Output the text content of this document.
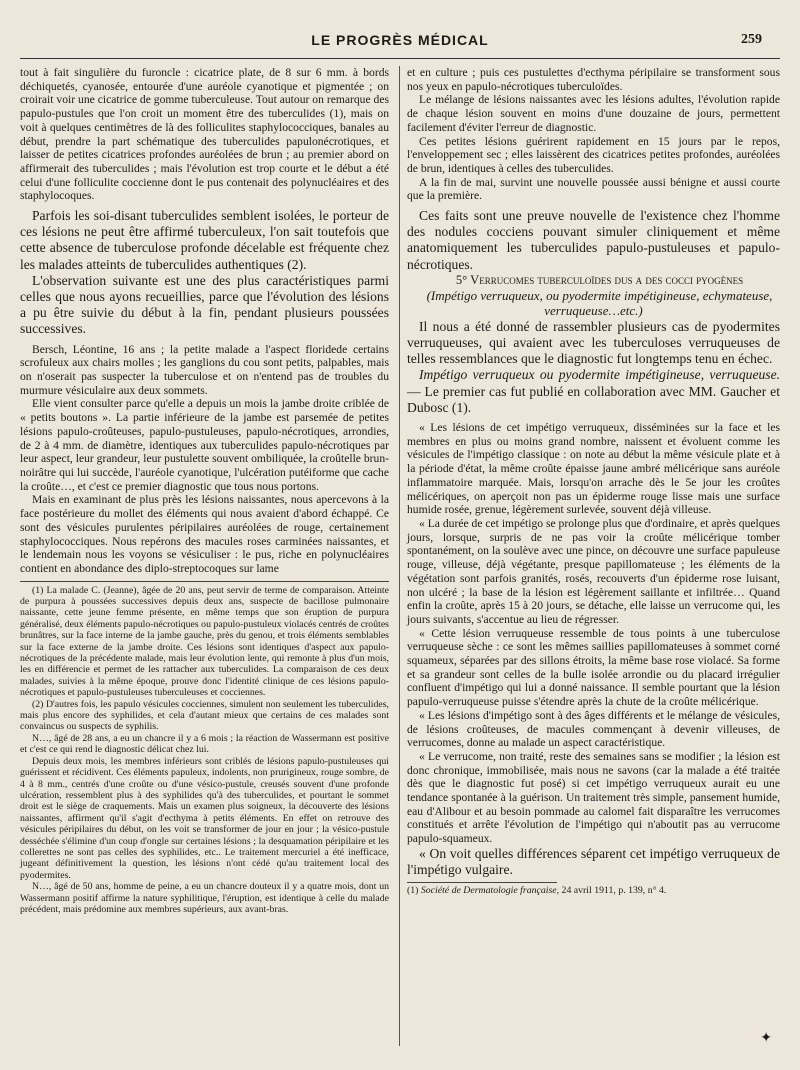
LE PROGRÈS MÉDICAL	259

tout à fait singulière du furoncle : cicatrice plate, de 8 sur 6 mm. à bords déchiquetés, cyanosée, entourée d'une auréole cyanotique et pigmentée ; on croirait voir une cicatrice de gomme tuberculeuse. Tout autour on remarque des papulo-pustules que l'on croit un moment être des tuberculides (1), mais on voit à quelques centimètres de là des folliculites staphylococciques, banales au début, prendre la part schématique des tuberculides papulonécrotiques, et laisser de petites cicatrices profondes auréolées de brun ; au premier abord on affirmerait des tuberculides ; mais l'évolution est trop courte et le début a été celui d'une folliculite coccienne dont le pus contenait des polynucléaires et des staphylocoques.

Parfois les soi-disant tuberculides semblent isolées, le porteur de ces lésions ne peut être affirmé tuberculeux, l'on sait toutefois que cette absence de tuberculose profonde décelable est fréquente chez les malades atteints de tuberculides authentiques (2).

L'observation suivante est une des plus caractéristiques parmi celles que nous ayons recueillies, parce que l'évolution des lésions a pu être suivie du début à la fin, pendant plusieurs poussées successives.

Bersch, Léontine, 16 ans ; la petite malade a l'aspect floridede certains scrofuleux aux chairs molles ; les ganglions du cou sont petits, palpables, mais on n'oserait pas suspecter la tuberculose et on n'entend pas de troubles du murmure vésiculaire aux deux sommets.

Elle vient consulter parce qu'elle a depuis un mois la jambe droite criblée de « petits boutons ». La partie inférieure de la jambe est parsemée de petites lésions papulo-croûteuses, papulo-pustuleuses, papulo-nécrotiques, arrondies, de 2 à 4 mm. de diamètre, identiques aux tuberculides papulo-nécrotiques par leur aspect, leur grandeur, leur pustulette souvent ombiliquée, la croûtelle brun-noirâtre qui lui succède, l'auréole cyanotique, l'ulcération putéiforme que cache la croûte…, et c'est ce premier diagnostic que tous nous portons.

Mais en examinant de plus près les lésions naissantes, nous apercevons à la face postérieure du mollet des éléments qui nous avaient d'abord échappé. Ce sont des vésicules purulentes péripilaires auréolées de rouge, certainement staphylococciques. Nous repérons des macules roses carminées naissantes, et le lendemain nous les voyons se vésiculiser : le pus, riche en polynucléaires contient en abondance des diplo-streptocoques sur lame

(1) La malade C. (Jeanne), âgée de 20 ans, peut servir de terme de comparaison. Atteinte de purpura à poussées successives depuis deux ans, suspecte de bacillose pulmonaire naissante, cette jeune femme présente, en même temps que son éruption de purpura généralisé, deux éléments papulo-nécrotiques ou papulo-pustuleux violacés centrés de croûtes brunâtres, sur la face interne de la jambe gauche, près du genou, et trois éléments semblables sur la face externe de la jambe droite. Ces lésions sont identiques d'aspect aux papulo-nécrotiques de la précédente malade, mais leur évolution lente, qui remonte à plus d'un mois, les en différencie et permet de les rattacher aux tuberculides. La comparaison de ces deux malades, suivies à la même époque, prouve donc l'identité clinique de ces lésions papulo-nécrotiques et papulo-pustuleuses tuberculeuses et cocciennes.

(2) D'autres fois, les papulo vésicules cocciennes, simulent non seulement les tuberculides, mais plus encore des syphilides, et cela d'autant mieux que certains de ces malades sont convaincus ou suspects de syphilis.

N…, âgé de 28 ans, a eu un chancre il y a 6 mois ; la réaction de Wassermann est positive et c'est ce qui rend le diagnostic délicat chez lui.

Depuis deux mois, les membres inférieurs sont criblés de lésions papulo-pustuleuses qui guérissent et récidivent. Ces éléments papuleux, indolents, non prurigineux, rouge sombre, de 4 à 8 mm., centrés d'une croûte ou d'une vésico-pustule, creusés souvent d'une profonde ulcération, ressemblent plus à des syphilides qu'à des tuberculides, et pourtant le sommet droit est le siège de craquements. Mais un examen plus soigneux, la découverte des lésions naissantes, affirment qu'il s'agit d'ecthyma à petits éléments. En effet on retrouve des vésicules péripilaires du début, on les voit se transformer de jour en jour ; la vésico-pustule desséchée s'élimine d'un coup d'ongle sur certaines lésions ; la desquamation péripilaire et les collerettes ne sont pas celles des syphilides, etc.. Le traitement mercuriel a été inefficace, jugeant définitivement la question, les lésions n'ont cédé qu'au traitement local des pyodermites.

N…, âgé de 50 ans, homme de peine, a eu un chancre douteux il y a quatre mois, dont un Wassermann positif affirme la nature syphilitique, l'éruption, est identique à celle du malade précédent, mais prédomine aux membres supérieurs, aux avant-bras.

et en culture ; puis ces pustulettes d'ecthyma péripilaire se transforment sous nos yeux en papulo-nécrotiques tuberculoïdes.

Le mélange de lésions naissantes avec les lésions adultes, l'évolution rapide de chaque lésion souvent en moins d'une douzaine de jours, permettent facilement d'éviter l'erreur de diagnostic.

Ces petites lésions guérirent rapidement en 15 jours par le repos, l'enveloppement sec ; elles laissèrent des cicatrices petites profondes, auréolées de brun, identiques à celles des tuberculides.

A la fin de mai, survint une nouvelle poussée aussi bénigne et aussi courte que la première.

Ces faits sont une preuve nouvelle de l'existence chez l'homme des nodules cocciens pouvant simuler cliniquement et même anatomiquement les tuberculides papulo-pustuleuses et papulo-nécrotiques.

5° Verrucomes tuberculoïdes dus a des cocci pyogènes

(Impétigo verruqueux, ou pyodermite impétigineuse, echymateuse, verruqueuse…etc.)

Il nous a été donné de rassembler plusieurs cas de pyodermites verruqueuses, qui avaient avec les tuberculoses verruqueuses de telles ressemblances que le diagnostic fut longtemps tenu en échec.

Impétigo verruqueux ou pyodermite impétigineuse, verruqueuse. — Le premier cas fut publié en collaboration avec MM. Gaucher et Dubosc (1).

« Les lésions de cet impétigo verruqueux, disséminées sur la face et les membres en plus ou moins grand nombre, naissent et évoluent comme les vésicules de l'impétigo classique : on note au début la même vésicule plate et à la période d'état, la même croûte épaisse jaune ambré mélicérique sans auréole inflammatoire marquée. Mais, lorsqu'on arrache dès le 5e jour les croûtes mélicériques, on aperçoit non pas un épiderme rouge lisse mais une surface humide rosée, grenue, légèrement surlevée, souvent déjà villeuse.

« La durée de cet impétigo se prolonge plus que d'ordinaire, et après quelques jours, lorsque, surpris de ne pas voir la croûte mélicérique tomber spontanément, on la soulève avec une pince, on découvre une surface papuleuse rouge, villeuse, déjà végétante, presque papillomateuse ; les éléments de la végétation sont parfois granités, rosés, recouverts d'un épiderme rose luisant, non ulcéré ; la base de la lésion est légèrement saillante et infiltrée… Quand enfin la croûte, après 15 à 20 jours, se détache, elle laisse un verrucome qui, les jours suivants, s'accentue au lieu de régresser.

« Cette lésion verruqueuse ressemble de tous points à une tuberculose verruqueuse sèche : ce sont les mêmes saillies papillomateuses à sommet corné squameux, séparées par des sillons étroits, la même base rose violacé. Sa forme et sa grandeur sont celles de la bulle isolée arrondie ou du placard irrégulier confluent d'impétigo qui lui a donné naissance. Il semble pourtant que la lésion papulo-verruqueuse puisse s'étendre après la chute de la croûte mélicérique.

« Les lésions d'impétigo sont à des âges différents et le mélange de vésicules, de lésions croûteuses, de macules commençant à devenir villeuses, de verrucomes, donne au malade un aspect caractéristique.

« Le verrucome, non traité, reste des semaines sans se modifier ; la lésion est donc chronique, immobilisée, mais nous ne savons (car la malade a été traitée dès que le diagnostic fut posé) si cet impétigo verruqueux aurait eu une tendance spontanée à la guérison. Un traitement très simple, pansement humide, eau d'Alibour et au besoin pommade au calomel fait disparaître les verrucomes constitués et arrête l'évolution de l'impétigo qui n'aboutit pas au verrucome papulo-squameux.

« On voit quelles différences séparent cet impétigo verruqueux de l'impétigo vulgaire.

(1) Société de Dermatologie française, 24 avril 1911, p. 139, n° 4.

✦
